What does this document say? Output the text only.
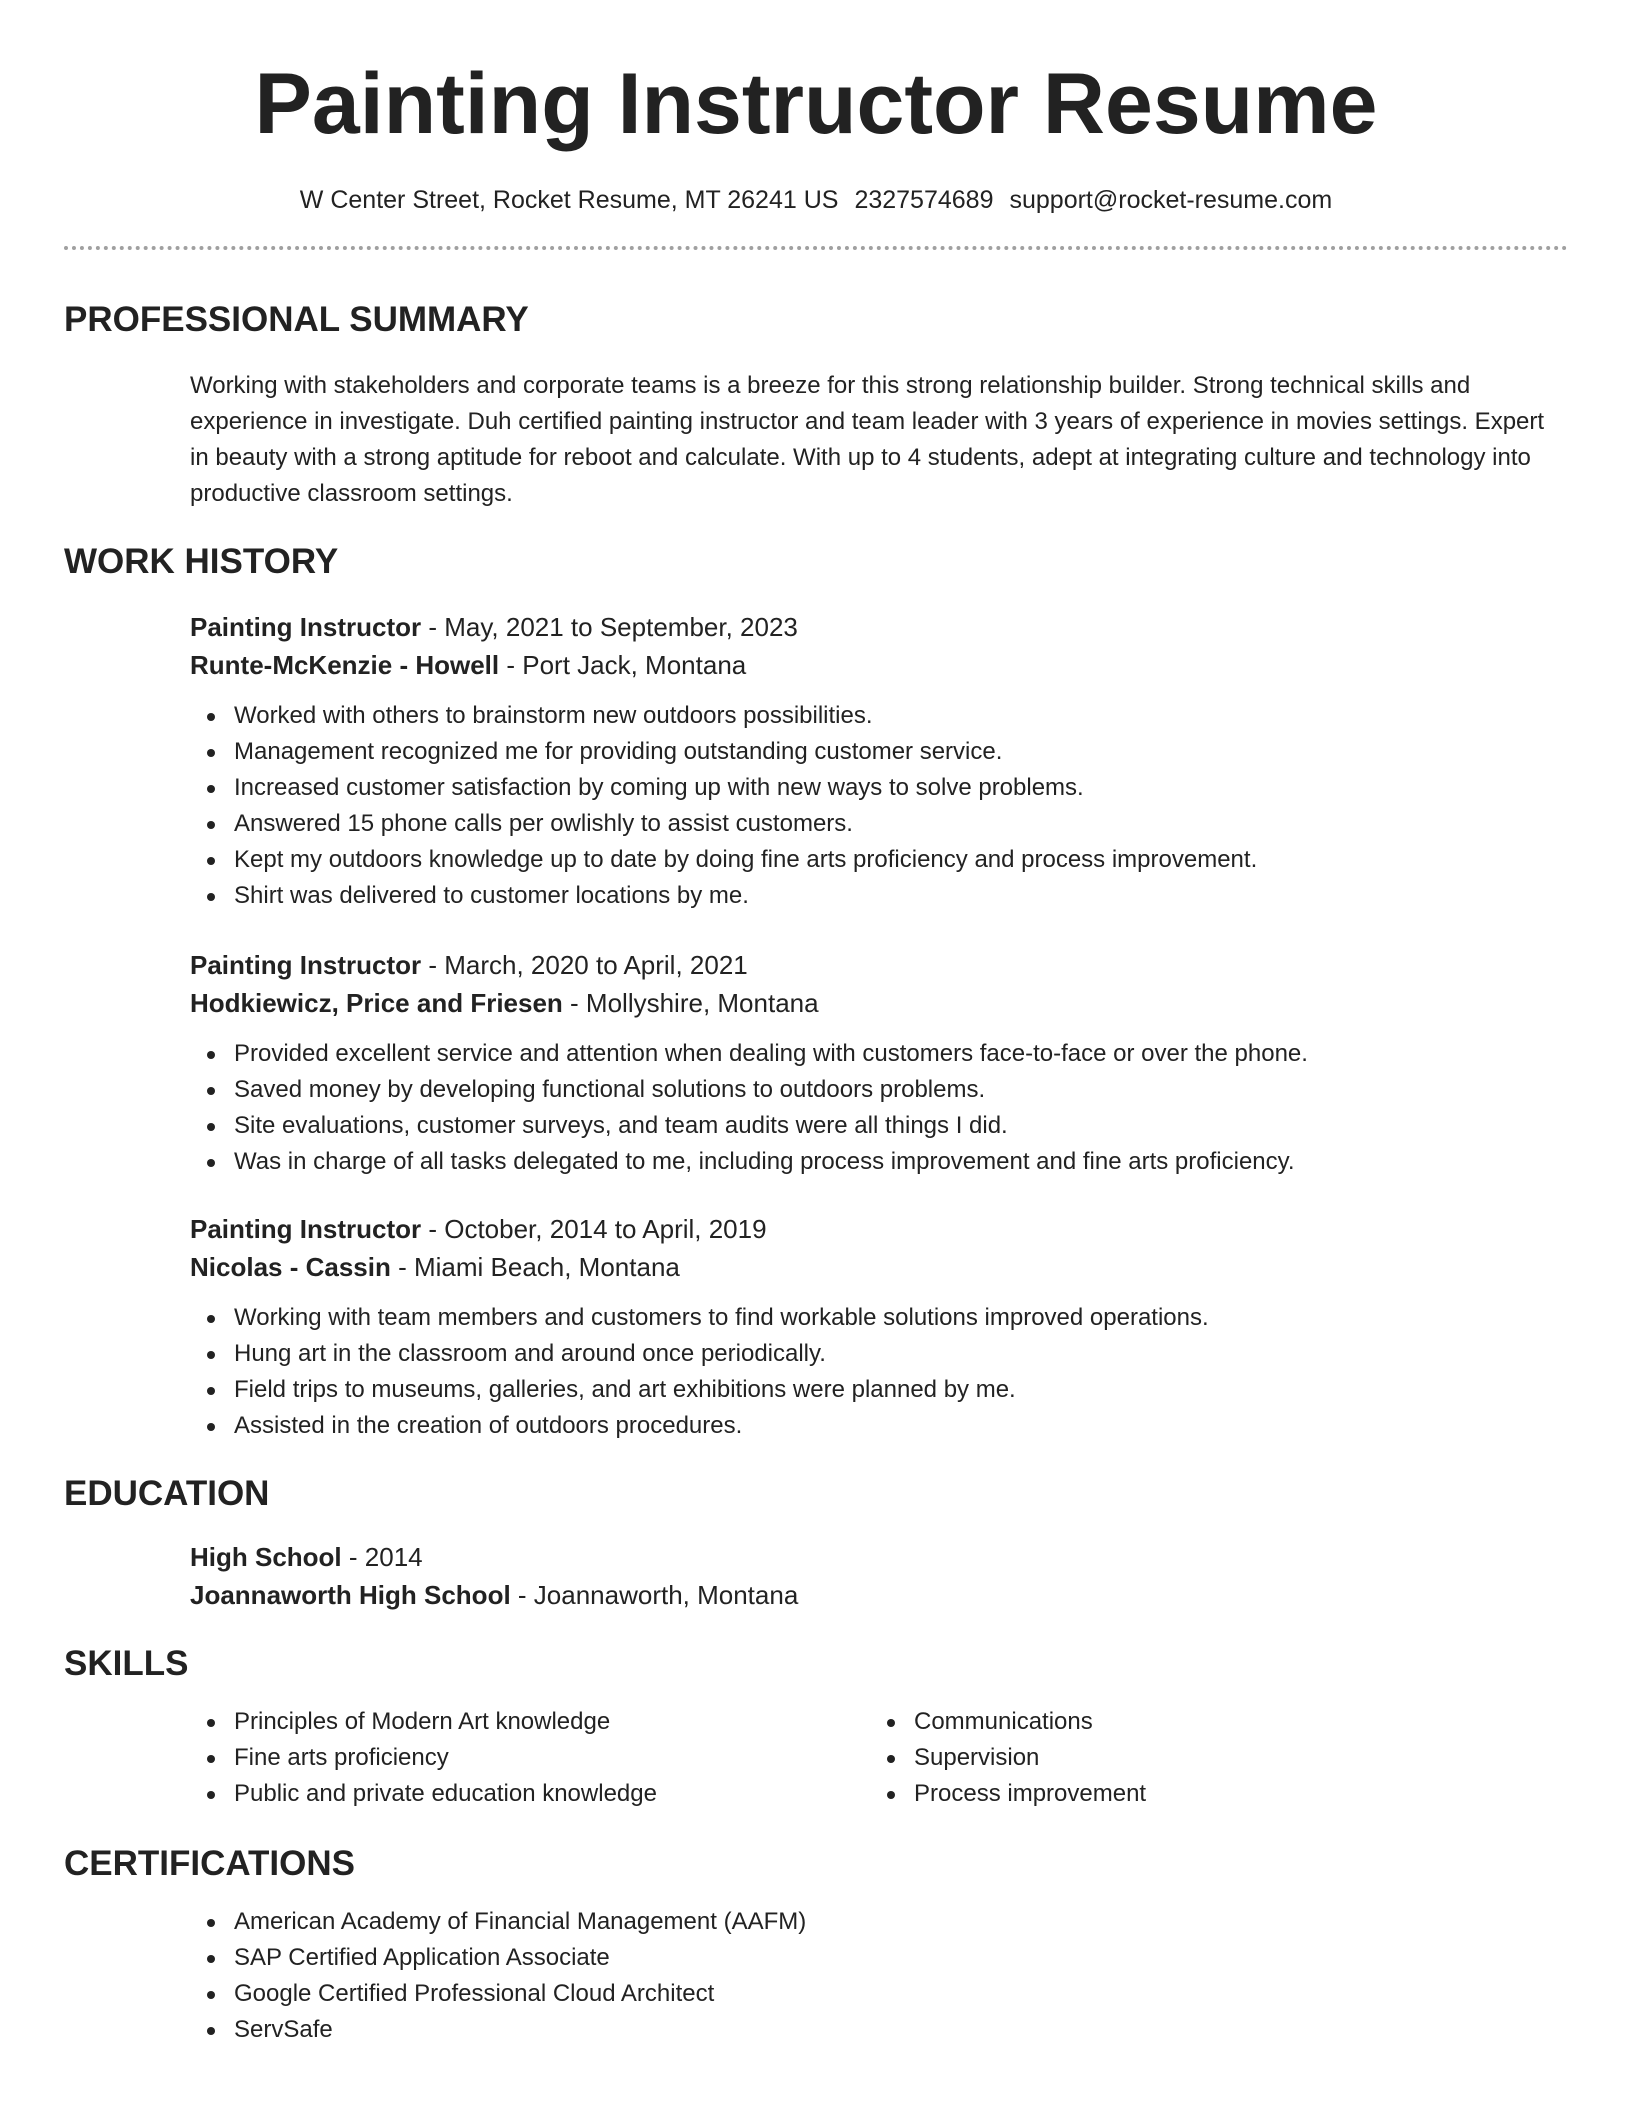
Painting Instructor Resume
W Center Street, Rocket Resume, MT 26241 US 2327574689 support@rocket-resume.com
PROFESSIONAL SUMMARY

Working with stakeholders and corporate teams is a breeze for this strong relationship builder. Strong technical skills and experience in investigate. Duh certified painting instructor and team leader with 3 years of experience in movies settings. Expert in beauty with a strong aptitude for reboot and calculate. With up to 4 students, adept at integrating culture and technology into productive classroom settings.

WORK HISTORY
Painting Instructor - May, 2021 to September, 2023
Runte-McKenzie - Howell - Port Jack, Montana
Worked with others to brainstorm new outdoors possibilities.
Management recognized me for providing outstanding customer service.
Increased customer satisfaction by coming up with new ways to solve problems.
Answered 15 phone calls per owlishly to assist customers.
Kept my outdoors knowledge up to date by doing fine arts proficiency and process improvement.
Shirt was delivered to customer locations by me.
Painting Instructor - March, 2020 to April, 2021
Hodkiewicz, Price and Friesen - Mollyshire, Montana
Provided excellent service and attention when dealing with customers face-to-face or over the phone.
Saved money by developing functional solutions to outdoors problems.
Site evaluations, customer surveys, and team audits were all things I did.
Was in charge of all tasks delegated to me, including process improvement and fine arts proficiency.
Painting Instructor - October, 2014 to April, 2019
Nicolas - Cassin - Miami Beach, Montana
Working with team members and customers to find workable solutions improved operations.
Hung art in the classroom and around once periodically.
Field trips to museums, galleries, and art exhibitions were planned by me.
Assisted in the creation of outdoors procedures.
EDUCATION
High School - 2014
Joannaworth High School - Joannaworth, Montana
SKILLS
Principles of Modern Art knowledge
Fine arts proficiency
Public and private education knowledge
Communications
Supervision
Process improvement
CERTIFICATIONS
American Academy of Financial Management (AAFM)
SAP Certified Application Associate
Google Certified Professional Cloud Architect
ServSafe
